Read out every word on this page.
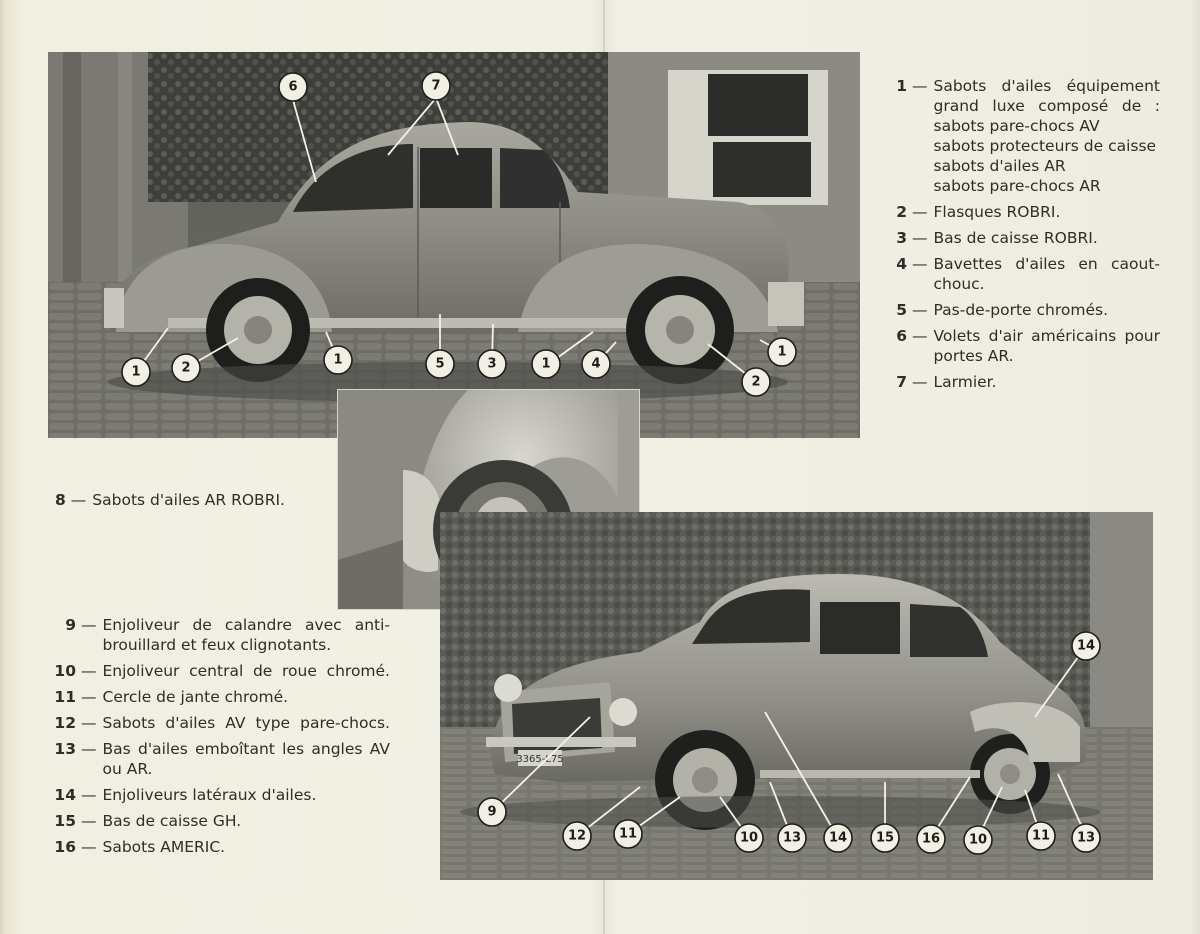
6	7
1	2
1	5	3	1	4
1
2
3365-L75
14
9
12	11	10 13 14 15 16 10	11 13
1 — Sabots d'ailes équipement
grand luxe composé de :
sabots pare-chocs AV
sabots protecteurs de caisse
sabots d'ailes AR
sabots pare-chocs AR
2 — Flasques ROBRI.
3 — Bas de caisse ROBRI.
4 — Bavettes d'ailes en caout-
chouc.
5 — Pas-de-porte chromés.
6 — Volets d'air américains pour
portes AR.
7 — Larmier.
8 — Sabots d'ailes AR ROBRI.
9 — Enjoliveur de calandre avec anti-
brouillard et feux clignotants.
10 — Enjoliveur central de roue chromé.
11 — Cercle de jante chromé.
12 — Sabots d'ailes AV type pare-chocs.
13 — Bas d'ailes emboîtant les angles AV
ou AR.
14 — Enjoliveurs latéraux d'ailes.
15 — Bas de caisse GH.
16 — Sabots AMERIC.
